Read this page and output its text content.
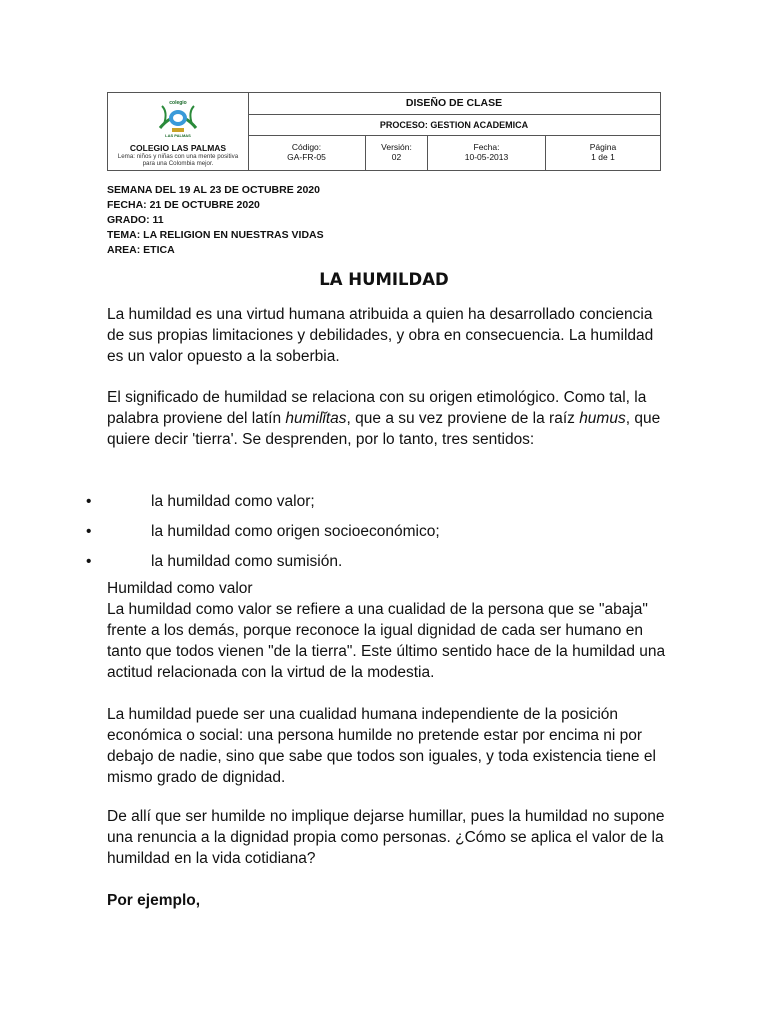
colegio
LAS PALMAS
COLEGIO LAS PALMAS
Lema: niños y niñas con una mente positiva para una Colombia mejor.
DISEÑO DE CLASE
PROCESO: GESTION ACADEMICA
Código:
GA-FR-05
Versión:
02
Fecha:
10-05-2013
Página
1 de 1
SEMANA DEL 19 AL 23 DE OCTUBRE 2020
FECHA: 21 DE OCTUBRE 2020
GRADO: 11
TEMA: LA RELIGION EN NUESTRAS VIDAS
AREA: ETICA
LA HUMILDAD
La humildad es una virtud humana atribuida a quien ha desarrollado conciencia de sus propias limitaciones y debilidades, y obra en consecuencia. La humildad es un valor opuesto a la soberbia.
El significado de humildad se relaciona con su origen etimológico. Como tal, la palabra proviene del latín humilĭtas, que a su vez proviene de la raíz humus, que quiere decir 'tierra'. Se desprenden, por lo tanto, tres sentidos:
•	la humildad como valor;
•	la humildad como origen socioeconómico;
•	la humildad como sumisión.
Humildad como valor
La humildad como valor se refiere a una cualidad de la persona que se "abaja" frente a los demás, porque reconoce la igual dignidad de cada ser humano en tanto que todos vienen "de la tierra". Este último sentido hace de la humildad una actitud relacionada con la virtud de la modestia.
La humildad puede ser una cualidad humana independiente de la posición económica o social: una persona humilde no pretende estar por encima ni por debajo de nadie, sino que sabe que todos son iguales, y toda existencia tiene el mismo grado de dignidad.
De allí que ser humilde no implique dejarse humillar, pues la humildad no supone una renuncia a la dignidad propia como personas. ¿Cómo se aplica el valor de la humildad en la vida cotidiana?
Por ejemplo,
